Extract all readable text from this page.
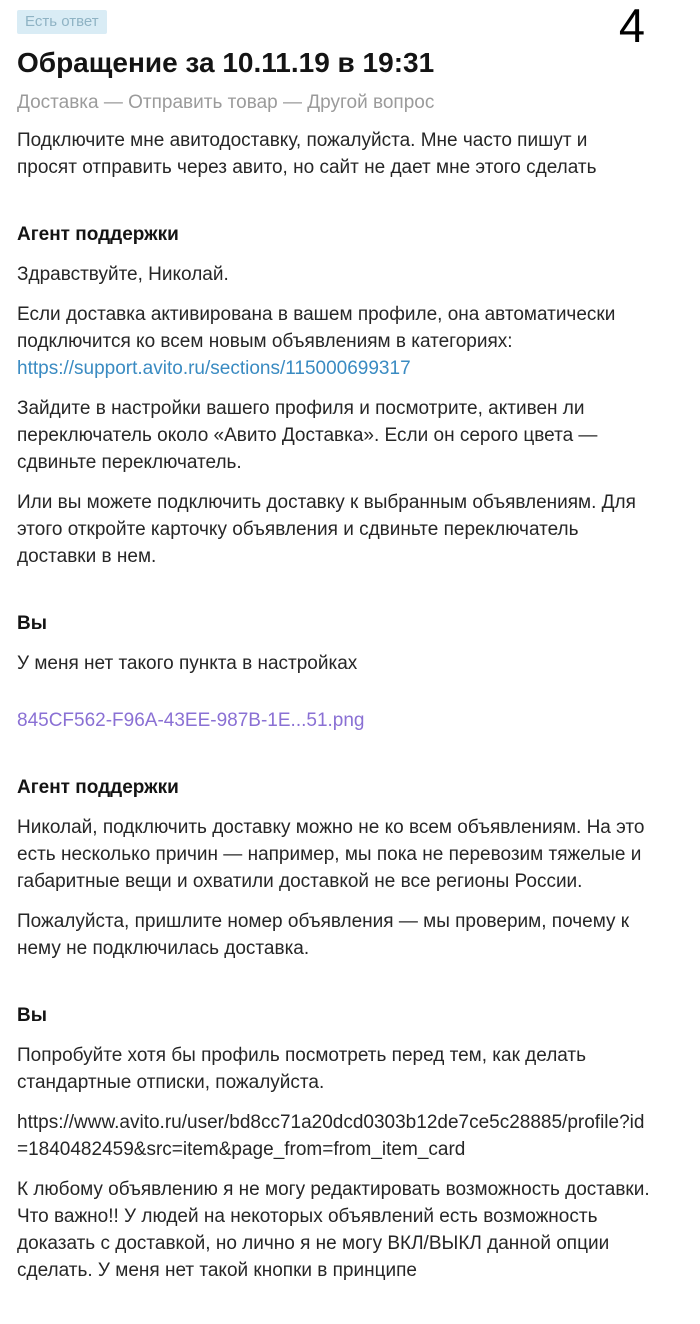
4
Есть ответ
Обращение за 10.11.19 в 19:31
Доставка — Отправить товар — Другой вопрос

Подключите мне авитодоставку, пожалуйста. Мне часто пишут и просят отправить через авито, но сайт не дает мне этого сделать

Агент поддержки

Здравствуйте, Николай.

Если доставка активирована в вашем профиле, она автоматически подключится ко всем новым объявлениям в категориях:
https://support.avito.ru/sections/115000699317

Зайдите в настройки вашего профиля и посмотрите, активен ли переключатель около «Авито Доставка». Если он серого цвета — сдвиньте переключатель.

Или вы можете подключить доставку к выбранным объявлениям. Для этого откройте карточку объявления и сдвиньте переключатель доставки в нем.

Вы

У меня нет такого пункта в настройках

845CF562-F96A-43EE-987B-1E...51.png
Агент поддержки

Николай, подключить доставку можно не ко всем объявлениям. На это есть несколько причин — например, мы пока не перевозим тяжелые и габаритные вещи и охватили доставкой не все регионы России.

Пожалуйста, пришлите номер объявления — мы проверим, почему к нему не подключилась доставка.

Вы

Попробуйте хотя бы профиль посмотреть перед тем, как делать стандартные отписки, пожалуйста.

https://www.avito.ru/user/bd8cc71a20dcd0303b12de7ce5c28885/profile?id=1840482459&src=item&page_from=from_item_card

К любому объявлению я не могу редактировать возможность доставки. Что важно!! У людей на некоторых объявлений есть возможность доказать с доставкой, но лично я не могу ВКЛ/ВЫКЛ данной опции сделать. У меня нет такой кнопки в принципе
